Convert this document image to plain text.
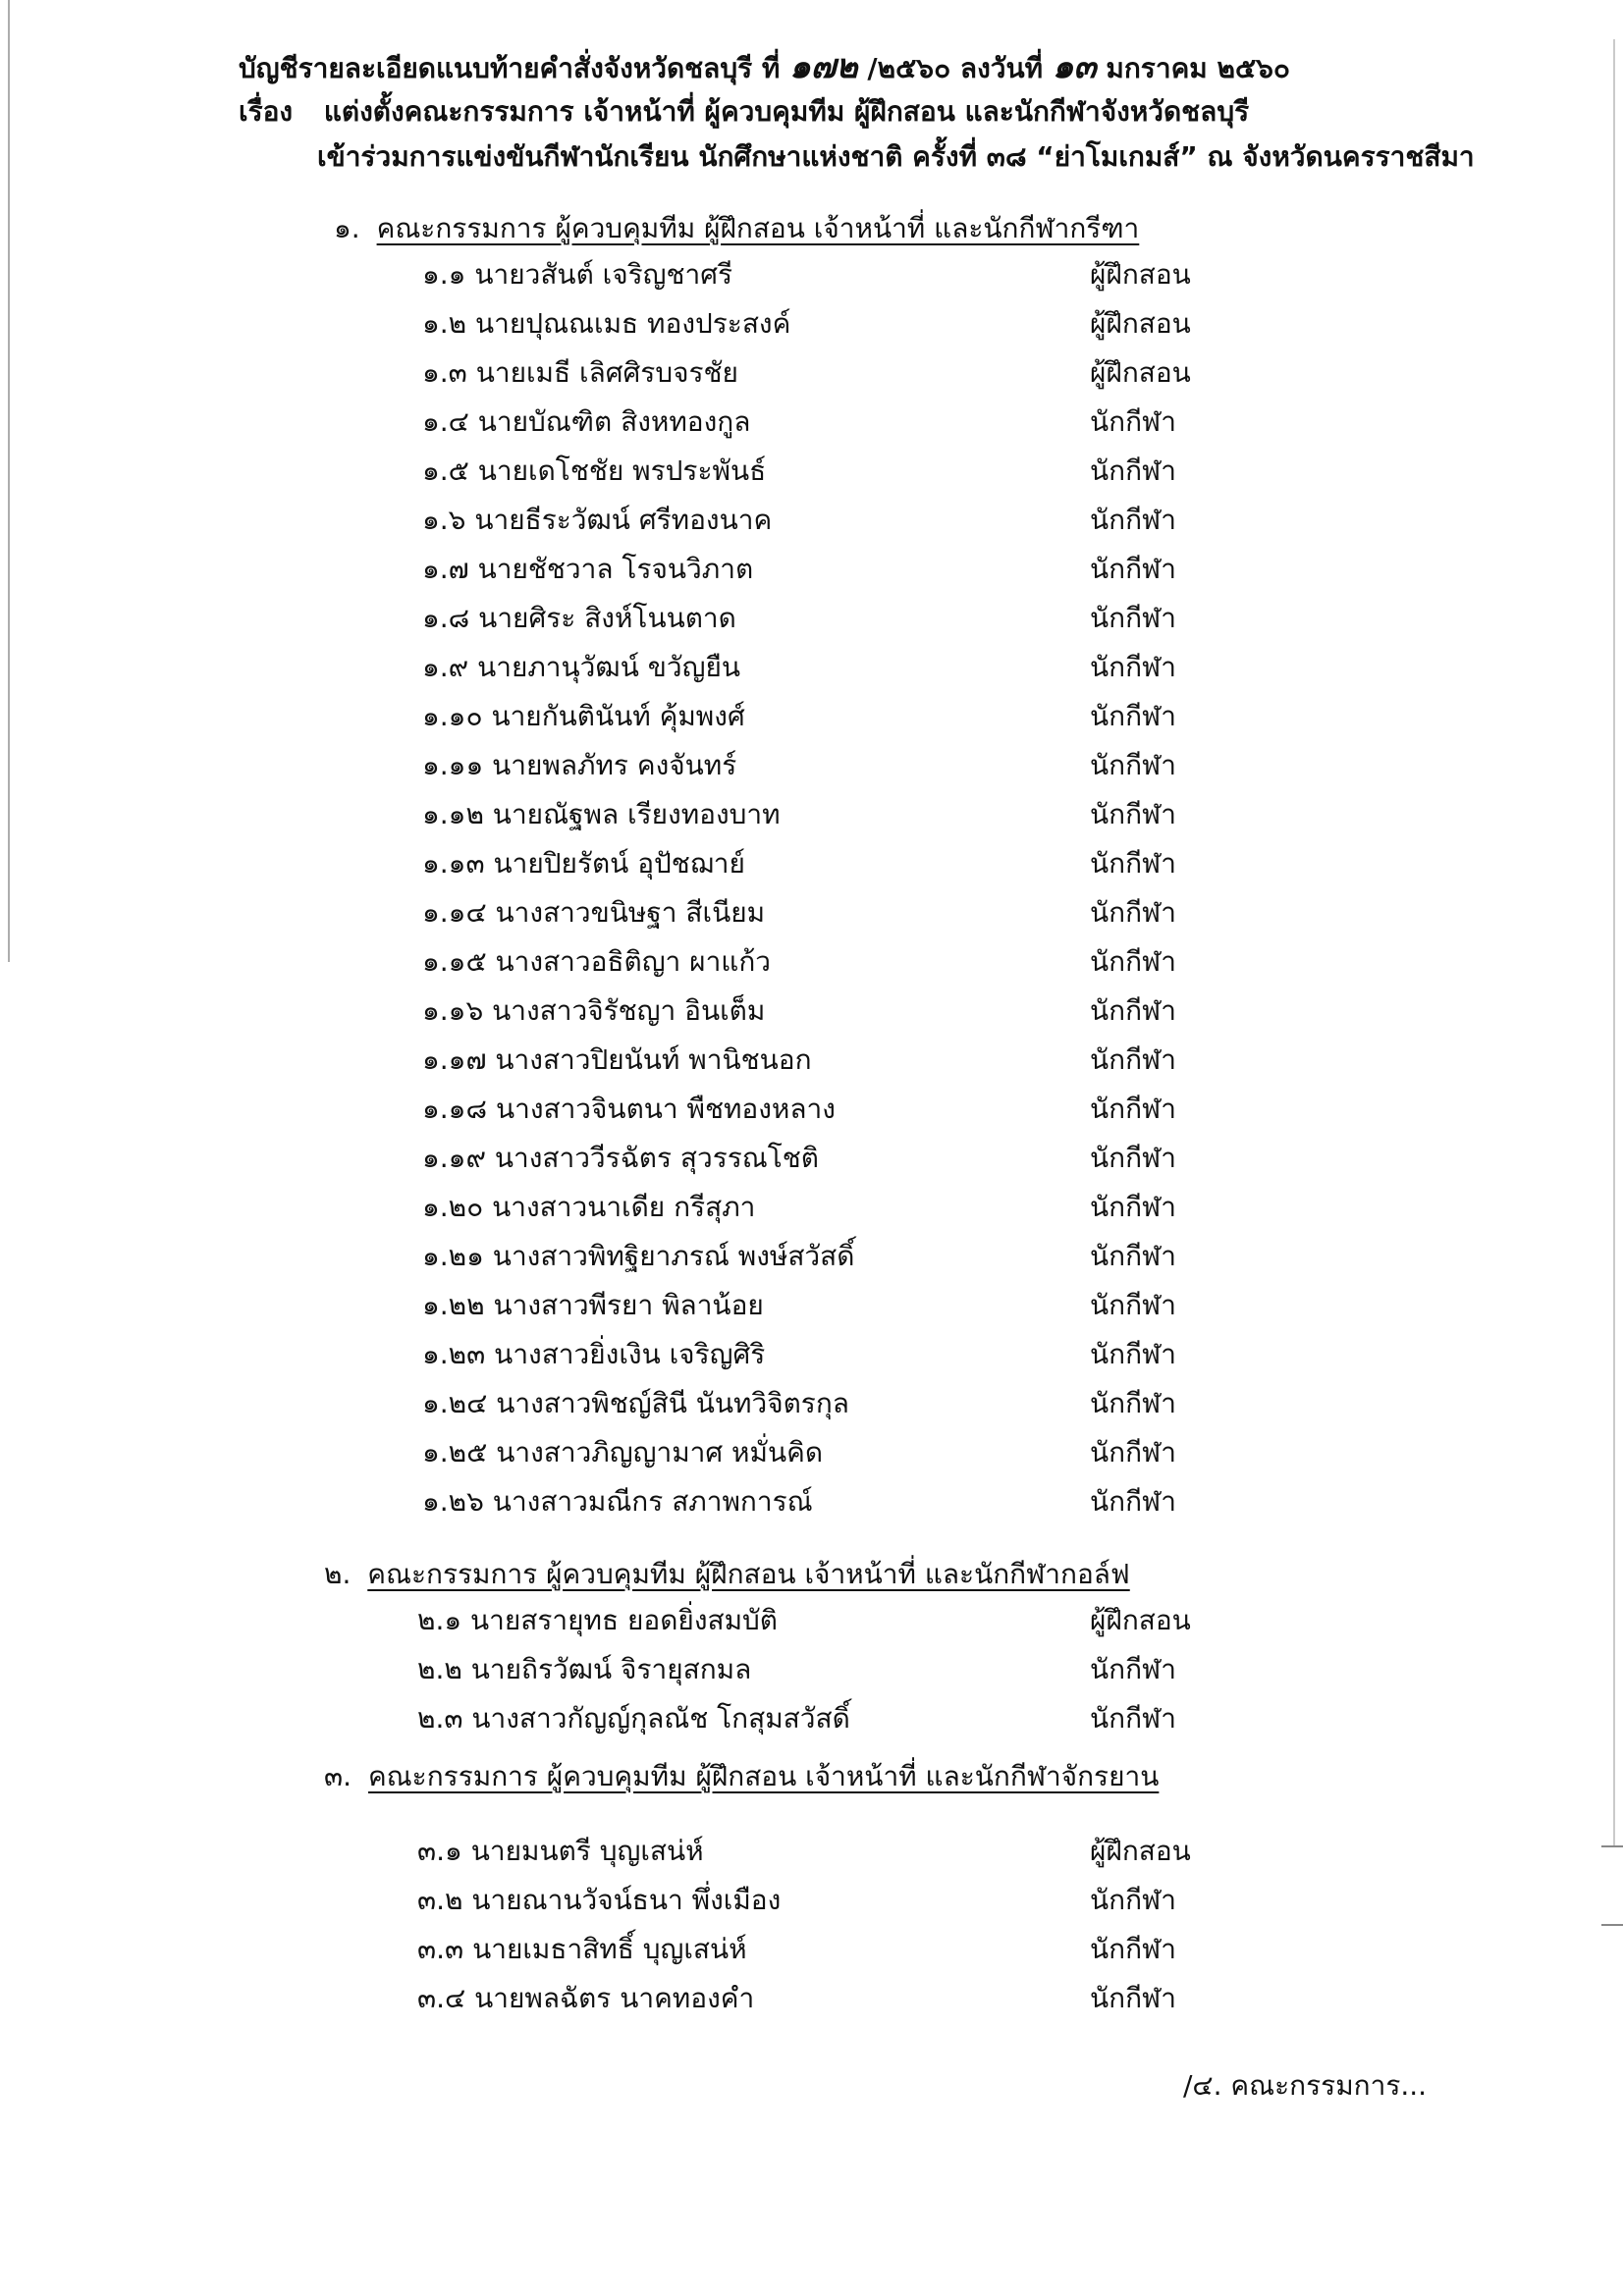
บัญชีรายละเอียดแนบท้ายคำสั่งจังหวัดชลบุรี ที่ ๑๗๒ /๒๕๖๐ ลงวันที่ ๑๓ มกราคม ๒๕๖๐
เรื่อง แต่งตั้งคณะกรรมการ เจ้าหน้าที่ ผู้ควบคุมทีม ผู้ฝึกสอน และนักกีฬาจังหวัดชลบุรี
เข้าร่วมการแข่งขันกีฬานักเรียน นักศึกษาแห่งชาติ ครั้งที่ ๓๘ “ย่าโมเกมส์” ณ จังหวัดนครราชสีมา
๑. คณะกรรมการ ผู้ควบคุมทีม ผู้ฝึกสอน เจ้าหน้าที่ และนักกีฬากรีฑา
๑.๑ นายวสันต์ เจริญชาศรี	ผู้ฝึกสอน
๑.๒ นายปุณณเมธ ทองประสงค์	ผู้ฝึกสอน
๑.๓ นายเมธี เลิศศิรบจรชัย	ผู้ฝึกสอน
๑.๔ นายบัณฑิต สิงหทองกูล	นักกีฬา
๑.๕ นายเดโชชัย พรประพันธ์	นักกีฬา
๑.๖ นายธีระวัฒน์ ศรีทองนาค	นักกีฬา
๑.๗ นายชัชวาล โรจนวิภาต	นักกีฬา
๑.๘ นายศิระ สิงห์โนนตาด	นักกีฬา
๑.๙ นายภานุวัฒน์ ขวัญยืน	นักกีฬา
๑.๑๐ นายกันตินันท์ คุ้มพงศ์	นักกีฬา
๑.๑๑ นายพลภัทร คงจันทร์	นักกีฬา
๑.๑๒ นายณัฐพล เรียงทองบาท	นักกีฬา
๑.๑๓ นายปิยรัตน์ อุปัชฌาย์	นักกีฬา
๑.๑๔ นางสาวขนิษฐา สีเนียม	นักกีฬา
๑.๑๕ นางสาวอธิติญา ผาแก้ว	นักกีฬา
๑.๑๖ นางสาวจิรัชญา อินเต็ม	นักกีฬา
๑.๑๗ นางสาวปิยนันท์ พานิชนอก	นักกีฬา
๑.๑๘ นางสาวจินตนา พืชทองหลาง	นักกีฬา
๑.๑๙ นางสาววีรฉัตร สุวรรณโชติ	นักกีฬา
๑.๒๐ นางสาวนาเดีย กรีสุภา	นักกีฬา
๑.๒๑ นางสาวพิทฐิยาภรณ์ พงษ์สวัสดิ์	นักกีฬา
๑.๒๒ นางสาวพีรยา พิลาน้อย	นักกีฬา
๑.๒๓ นางสาวยิ่งเงิน เจริญศิริ	นักกีฬา
๑.๒๔ นางสาวพิชญ์สินี นันทวิจิตรกุล	นักกีฬา
๑.๒๕ นางสาวภิญญามาศ หมั่นคิด	นักกีฬา
๑.๒๖ นางสาวมณีกร สภาพการณ์	นักกีฬา
๒. คณะกรรมการ ผู้ควบคุมทีม ผู้ฝึกสอน เจ้าหน้าที่ และนักกีฬากอล์ฟ
๒.๑ นายสรายุทธ ยอดยิ่งสมบัติ	ผู้ฝึกสอน
๒.๒ นายถิรวัฒน์ จิรายุสกมล	นักกีฬา
๒.๓ นางสาวกัญญ์กุลณัช โกสุมสวัสดิ์	นักกีฬา
๓. คณะกรรมการ ผู้ควบคุมทีม ผู้ฝึกสอน เจ้าหน้าที่ และนักกีฬาจักรยาน
๓.๑ นายมนตรี บุญเสน่ห์	ผู้ฝึกสอน
๓.๒ นายณานวัจน์ธนา พึ่งเมือง	นักกีฬา
๓.๓ นายเมธาสิทธิ์ บุญเสน่ห์	นักกีฬา
๓.๔ นายพลฉัตร นาคทองคำ	นักกีฬา
/๔. คณะกรรมการ...
